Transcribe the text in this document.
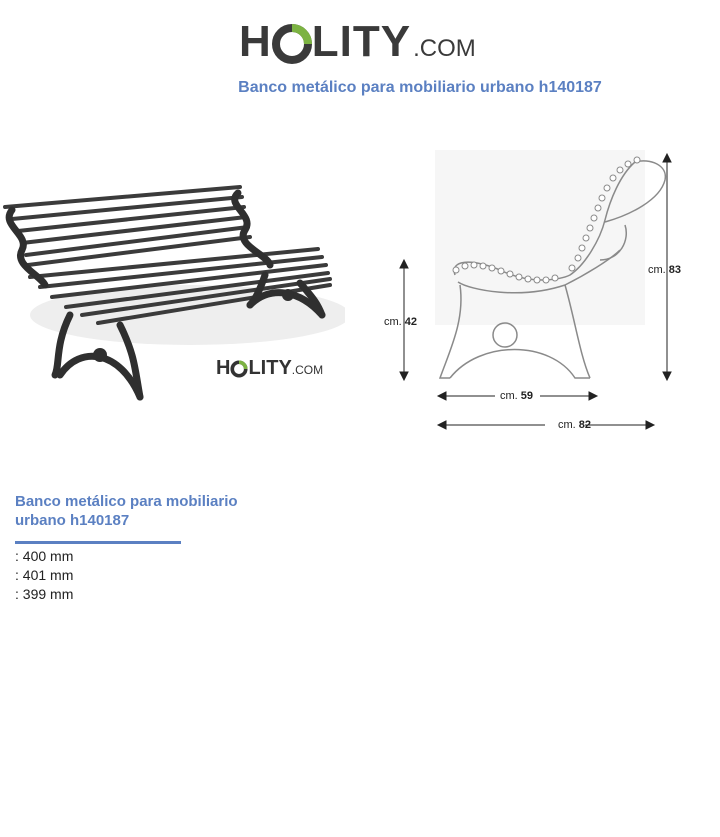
H LITY .COM
Banco metálico para mobiliario urbano h140187
H LITY .COM
cm. 42
cm. 83
cm. 59
cm. 82
Banco metálico para mobiliario urbano h140187
: 400 mm
: 401 mm
: 399 mm
